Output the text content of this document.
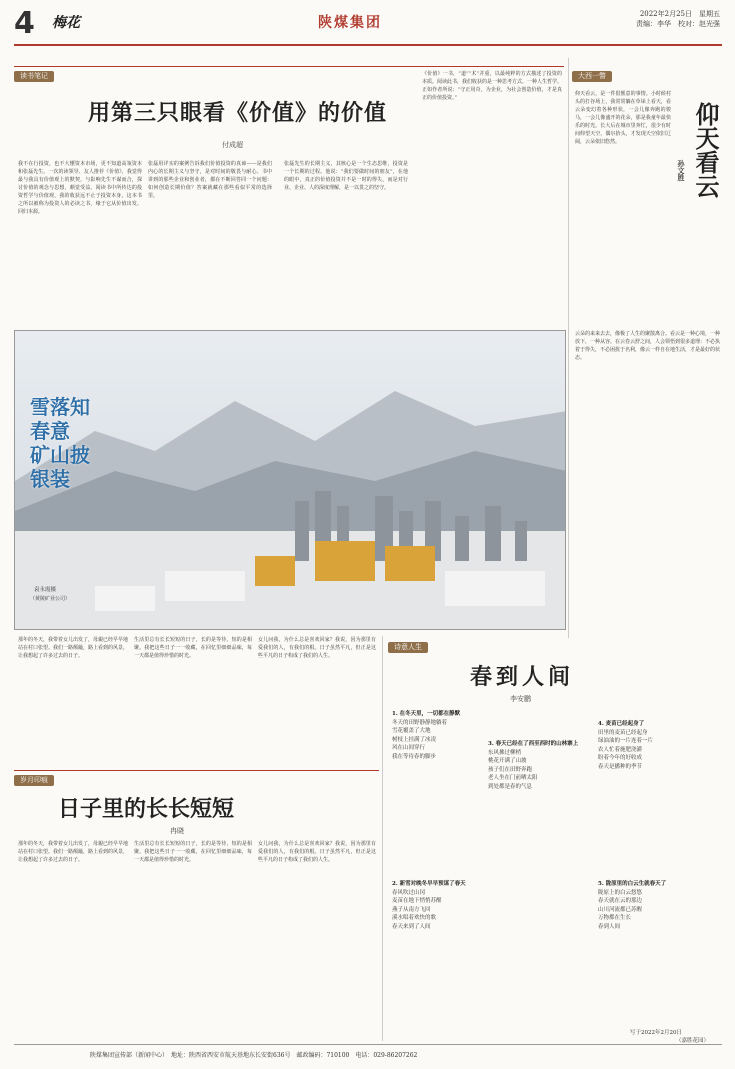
4 梅花	陕煤集团
2022年2月25日　星期五
责编：李华　校对：赵光强
读书笔记
用第三只眼看《价值》的价值
付成超
我不在行投资，也不大懂资本市场，更不知道高瓴资本和张磊先生。一次的读领导、友人推荐《价值》，我觉得最与我具有价值观上的默契，与影响先生不谋而合，探讨价值的观念与思想，颇觉受益。阅读书中所传达的投资哲学与价值观，我的收获远不止于投资本身。这本书之所以被称为投资人的必读之书，缘于它从价值出发、回归本源。
张磊用详实的案例告诉我们价值投资的真谛——是我们内心的长期主义与坚守，是对时间的敬畏与耐心。书中讲到的那些企业和创业者，都在不断回答同一个问题：如何创造长期价值？答案就藏在那些看似平常的选择里。
张磊先生的长期主义，其核心是一个生态思维，投资是一个长期的过程。他说：“我们要做时间的朋友”，在他的眼中，真正的价值投资并不是一时的得失，而是对行业、企业、人的深度理解，是一以贯之的坚守。
《价值》一书，“道”“术”并重，以最纯粹的方式描述了投资的本质。阅读此书，我们收获的是一种思考方式、一种人生哲学。正如作者所说：“守正用奇，为企业，为社会创造价值，才是真正的价值投资。”
大西一瞥
仰天看云
孙文胜
仰天看云，是一件很惬意的事情。小时候村头的打谷场上，我常常躺在草垛上看天，看云朵变幻着各种形状，一会儿像奔跑的骏马，一会儿像盛开的花朵，那是我童年最快乐的时光。长大后在城市里奔忙，很少有时间仰望天空，偶尔抬头，才发现天空依旧辽阔，云朵依旧悠然。
云朵的来来去去，像极了人生的聚散离合。看云是一种心境，一种放下，一种从容。在云卷云舒之间，人会领悟到很多道理：不必执着于得失，不必困扰于名利，像云一样自在地生活，才是最好的状态。
雪落知春意　矿山披银装
袁永霞摄
（黄陵矿业公司）
那年的冬天，我带着女儿出发了，母親已经早早地站在村口张望。我们一路颠簸，路上看到的风景，让我想起了许多过去的日子。
生活里总有长长短短的日子，长的是等待，短的是相聚。我把这些日子一一收藏，在回忆里细细品味，每一天都是值得珍惜的时光。
女儿问我，为什么总是喜欢回家？我说，因为那里有爱我们的人，有我们的根。日子虽然平凡，但正是这些平凡的日子构成了我们的人生。
岁月印痕
日子里的长长短短
冉晓
那年的冬天，我带着女儿出发了，母親已经早早地站在村口张望。我们一路颠簸，路上看到的风景，让我想起了许多过去的日子。
生活里总有长长短短的日子，长的是等待，短的是相聚。我把这些日子一一收藏，在回忆里细细品味，每一天都是值得珍惜的时光。
女儿问我，为什么总是喜欢回家？我说，因为那里有爱我们的人，有我们的根。日子虽然平凡，但正是这些平凡的日子构成了我们的人生。
诗意人生
春到人间
李安鹏
1. 在冬天里，一切都在静默
冬天的田野静静地躺着
雪花覆盖了大地
树枝上挂满了冰凌
风在山间穿行
我在等待春的脚步
2. 新雪对晚冬早早预谋了春天
春风吹过山冈
麦苗在地下悄悄苏醒
燕子从南方飞回
溪水唱着欢快的歌
春天来到了人间
3. 春天已经在了西至西时的山林寨上
东风拂过柳梢
桃花开满了山坡
孩子们在田野奔跑
老人坐在门前晒太阳
到处都是春的气息
4. 麦苗已经起身了
田里的麦苗已经起身
绿油油的一片连着一片
农人忙着施肥浇灌
盼着今年的好收成
春天是播种的季节
5. 陇原里的白云生就春天了
陇原上的白云悠悠
春天就在云的那边
山川河流都已苏醒
万物都在生长
春到人间
写于2022年2月20日
（嘉胜花园）
陕煤集团宣传部（新闻中心）　地址：陕西省西安市航天基地东长安街636号　邮政编码：710100　电话：029-86207262
